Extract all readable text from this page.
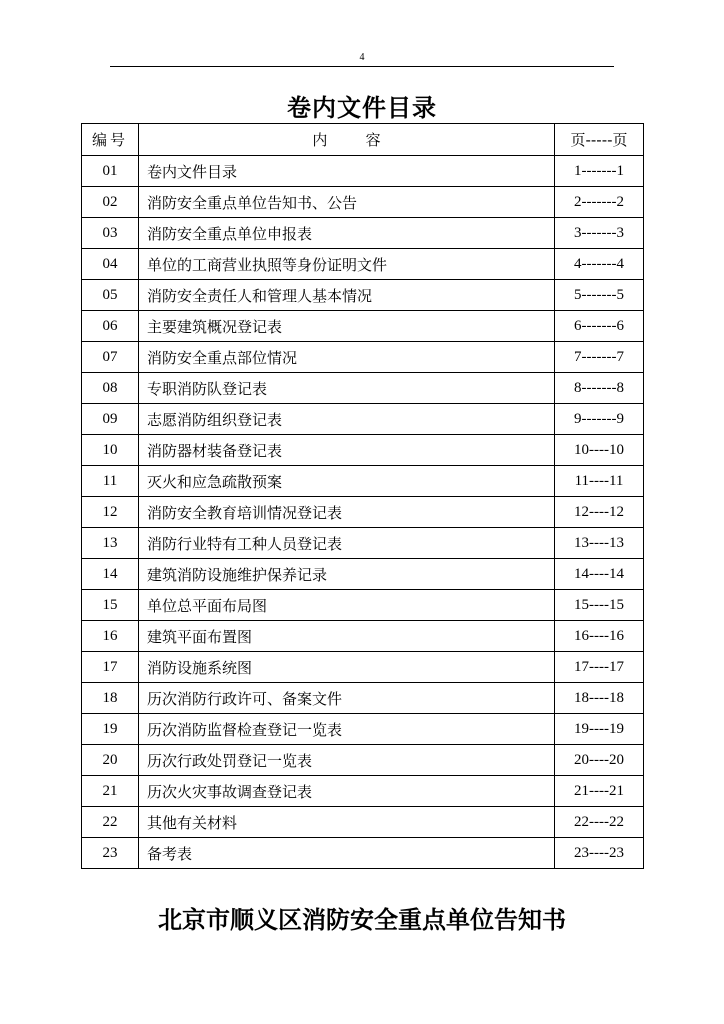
4
卷内文件目录
编号	内        容	页-----页
01	卷内文件目录	1-------1
02	消防安全重点单位告知书、公告	2-------2
03	消防安全重点单位申报表	3-------3
04	单位的工商营业执照等身份证明文件	4-------4
05	消防安全责任人和管理人基本情况	5-------5
06	主要建筑概况登记表	6-------6
07	消防安全重点部位情况	7-------7
08	专职消防队登记表	8-------8
09	志愿消防组织登记表	9-------9
10	消防器材装备登记表	10----10
11	灭火和应急疏散预案	11----11
12	消防安全教育培训情况登记表	12----12
13	消防行业特有工种人员登记表	13----13
14	建筑消防设施维护保养记录	14----14
15	单位总平面布局图	15----15
16	建筑平面布置图	16----16
17	消防设施系统图	17----17
18	历次消防行政许可、备案文件	18----18
19	历次消防监督检查登记一览表	19----19
20	历次行政处罚登记一览表	20----20
21	历次火灾事故调查登记表	21----21
22	其他有关材料	22----22
23	备考表	23----23
北京市顺义区消防安全重点单位告知书
